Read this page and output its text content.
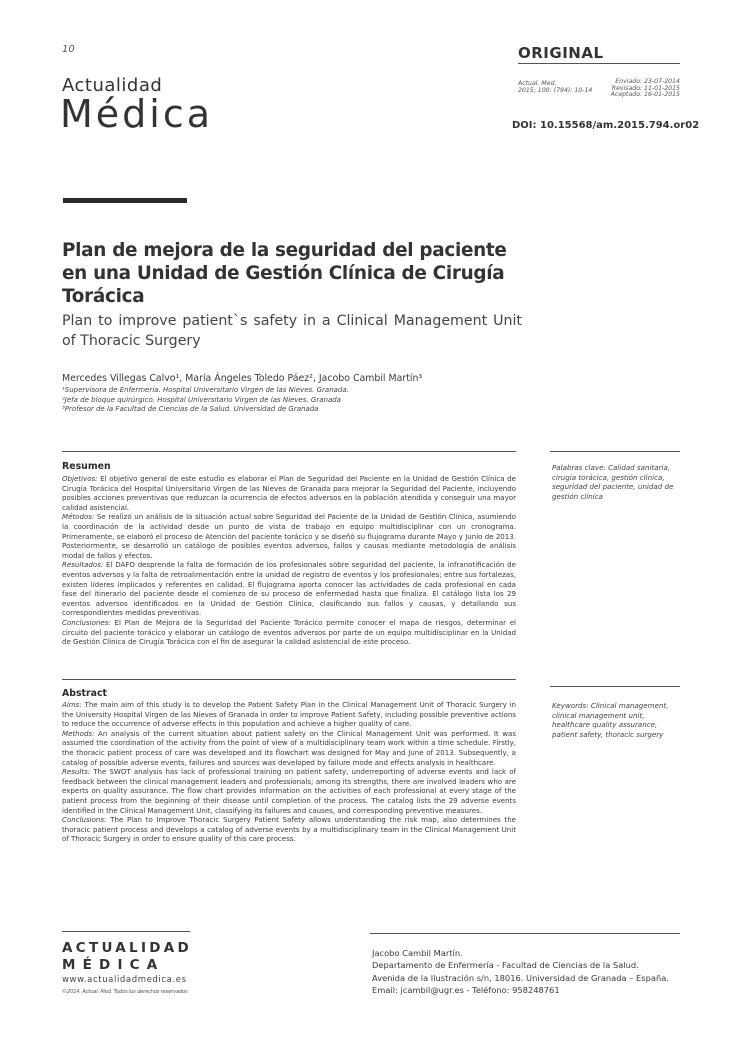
10
Actualidad
Médica
ORIGINAL
Actual. Med.
2015; 100: (794): 10-14
Enviado: 23-07-2014
Revisado: 11-01-2015
Aceptado: 16-01-2015
DOI: 10.15568/am.2015.794.or02
Plan de mejora de la seguridad del paciente en una Unidad de Gestión Clínica de Cirugía Torácica
Plan to improve patient`s safety in a Clinical Management Unit of Thoracic Surgery
Mercedes Villegas Calvo¹, María Ángeles Toledo Páez², Jacobo Cambil Martín³
¹Supervisora de Enfermería. Hospital Universitario Virgen de las Nieves. Granada.
²Jefa de bloque quirúrgico. Hospital Universitario Virgen de las Nieves. Granada
³Profesor de la Facultad de Ciencias de la Salud. Universidad de Granada
Resumen

Objetivos: El objetivo general de este estudio es elaborar el Plan de Seguridad del Paciente en la Unidad de Gestión Clínica de Cirugía Torácica del Hospital Universitario Virgen de las Nieves de Granada para mejorar la Seguridad del Paciente, incluyendo posibles acciones preventivas que reduzcan la ocurrencia de efectos adversos en la población atendida y conseguir una mayor calidad asistencial.

Métodos: Se realizó un análisis de la situación actual sobre Seguridad del Paciente de la Unidad de Gestión Clínica, asumiendo la coordinación de la actividad desde un punto de vista de trabajo en equipo multidisciplinar con un cronograma. Primeramente, se elaboró el proceso de Atención del paciente torácico y se diseñó su flujograma durante Mayo y Junio de 2013. Posteriormente, se desarrolló un catálogo de posibles eventos adversos, fallos y causas mediante metodología de análisis modal de fallos y efectos.

Resultados: El DAFO desprende la falta de formación de los profesionales sobre seguridad del paciente, la infranotificación de eventos adversos y la falta de retroalimentación entre la unidad de registro de eventos y los profesionales; entre sus fortalezas, existen líderes implicados y referentes en calidad. El flujograma aporta conocer las actividades de cada profesional en cada fase del itinerario del paciente desde el comienzo de su proceso de enfermedad hasta que finaliza. El catálogo lista los 29 eventos adversos identificados en la Unidad de Gestión Clínica, clasificando sus fallos y causas, y detallando sus correspondientes medidas preventivas.

Conclusiones: El Plan de Mejora de la Seguridad del Paciente Torácico permite conocer el mapa de riesgos, determinar el circuito del paciente torácico y elaborar un catálogo de eventos adversos por parte de un equipo multidisciplinar en la Unidad de Gestión Clínica de Cirugía Torácica con el fin de asegurar la calidad asistencial de este proceso.

Palabras clave: Calidad sanitaria, cirugía torácica, gestión clínica, seguridad del paciente, unidad de gestión clínica
Abstract

Aims: The main aim of this study is to develop the Patient Safety Plan in the Clinical Management Unit of Thoracic Surgery in the University Hospital Virgen de las Nieves of Granada in order to improve Patient Safety, including possible preventive actions to reduce the occurrence of adverse effects in this population and achieve a higher quality of care.

Methods: An analysis of the current situation about patient safety on the Clinical Management Unit was performed. It was assumed the coordination of the activity from the point of view of a multidisciplinary team work within a time schedule. Firstly, the thoracic patient process of care was developed and its flowchart was designed for May and June of 2013. Subsequently, a catalog of possible adverse events, failures and sources was developed by failure mode and effects analysis in healthcare.

Results: The SWOT analysis has lack of professional training on patient safety, underreporting of adverse events and lack of feedback between the clinical management leaders and professionals; among its strengths, there are involved leaders who are experts on quality assurance. The flow chart provides information on the activities of each professional at every stage of the patient process from the beginning of their disease until completion of the process. The catalog lists the 29 adverse events identified in the Clinical Management Unit, classifying its failures and causes, and corresponding preventive measures.

Conclusions: The Plan to Improve Thoracic Surgery Patient Safety allows understanding the risk map, also determines the thoracic patient process and develops a catalog of adverse events by a multidisciplinary team in the Clinical Management Unit of Thoracic Surgery in order to ensure quality of this care process.

Keywords: Clinical management, clinical management unit, healthcare quality assurance, patient safety, thoracic surgery
ACTUALIDAD
MÉDICA
www.actualidadmedica.es
©2014. Actual. Med. Todos los derechos reservados
Jacobo Cambil Martín.
Departamento de Enfermería - Facultad de Ciencias de la Salud.
Avenida de la Ilustración s/n, 18016. Universidad de Granada – España.
Email: jcambil@ugr.es - Teléfono: 958248761
